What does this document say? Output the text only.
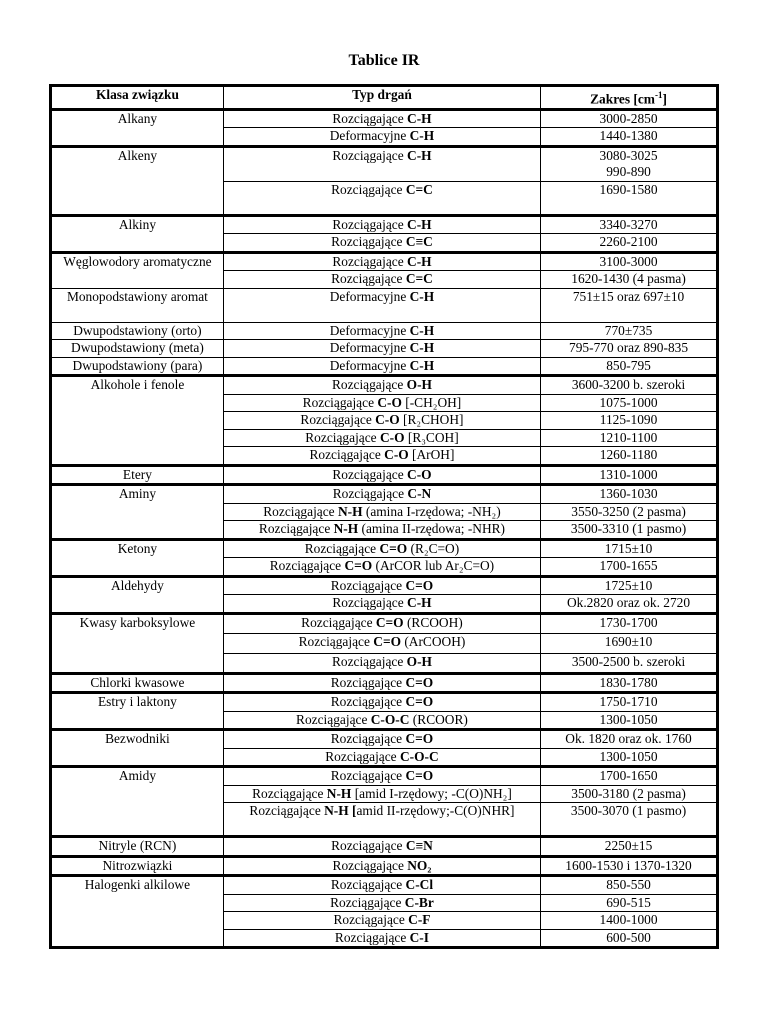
Tablice IR
Klasa związku	Typ drgań	Zakres $[cm^{-1}]$
Alkany	Rozciągające C-H	3000-2850
	Deformacyjne C-H	1440-1380
Alkeny	Rozciągające C-H	3080-3025
990-890
	Rozciągające C=C	1690-1580
Alkiny	Rozciągające C-H	3340-3270
	Rozciągające C≡C	2260-2100
Węglowodory aromatyczne	Rozciągające C-H	3100-3000
	Rozciągające C=C	1620-1430 (4 pasma)
Monopodstawiony aromat	Deformacyjne C-H	751±15 oraz 697±10
Dwupodstawiony (orto)	Deformacyjne C-H	770±735
Dwupodstawiony (meta)	Deformacyjne C-H	795-770 oraz 890-835
Dwupodstawiony (para)	Deformacyjne C-H	850-795
Alkohole i fenole	Rozciągające O-H	3600-3200 b. szeroki
	Rozciągające C-O [-CH₂OH]	1075-1000
	Rozciągające C-O [R₂CHOH]	1125-1090
	Rozciągające C-O [R₃COH]	1210-1100
	Rozciągające C-O [ArOH]	1260-1180
Etery	Rozciągające C-O	1310-1000
Aminy	Rozciągające C-N	1360-1030
	Rozciągające N-H (amina I-rzędowa; -NH₂)	3550-3250 (2 pasma)
	Rozciągające N-H (amina II-rzędowa; -NHR)	3500-3310 (1 pasmo)
Ketony	Rozciągające C=O (R₂C=O)	1715±10
	Rozciągające C=O (ArCOR lub Ar₂C=O)	1700-1655
Aldehydy	Rozciągające C=O	1725±10
	Rozciągające C-H	Ok.2820 oraz ok. 2720
Kwasy karboksylowe	Rozciągające C=O (RCOOH)	1730-1700
	Rozciągające C=O (ArCOOH)	1690±10
	Rozciągające O-H	3500-2500 b. szeroki
Chlorki kwasowe	Rozciągające C=O	1830-1780
Estry i laktony	Rozciągające C=O	1750-1710
	Rozciągające C-O-C (RCOOR)	1300-1050
Bezwodniki	Rozciągające C=O	Ok. 1820 oraz ok. 1760
	Rozciągające C-O-C	1300-1050
Amidy	Rozciągające C=O	1700-1650
	Rozciągające N-H [amid I-rzędowy; -C(O)NH₂]	3500-3180 (2 pasma)
	Rozciągające N-H [amid II-rzędowy;-C(O)NHR]	3500-3070 (1 pasmo)
Nitryle (RCN)	Rozciągające C≡N	2250±15
Nitrozwiązki	Rozciągające NO₂	1600-1530 i 1370-1320
Halogenki alkilowe	Rozciągające C-Cl	850-550
	Rozciągające C-Br	690-515
	Rozciągające C-F	1400-1000
	Rozciągające C-I	600-500
